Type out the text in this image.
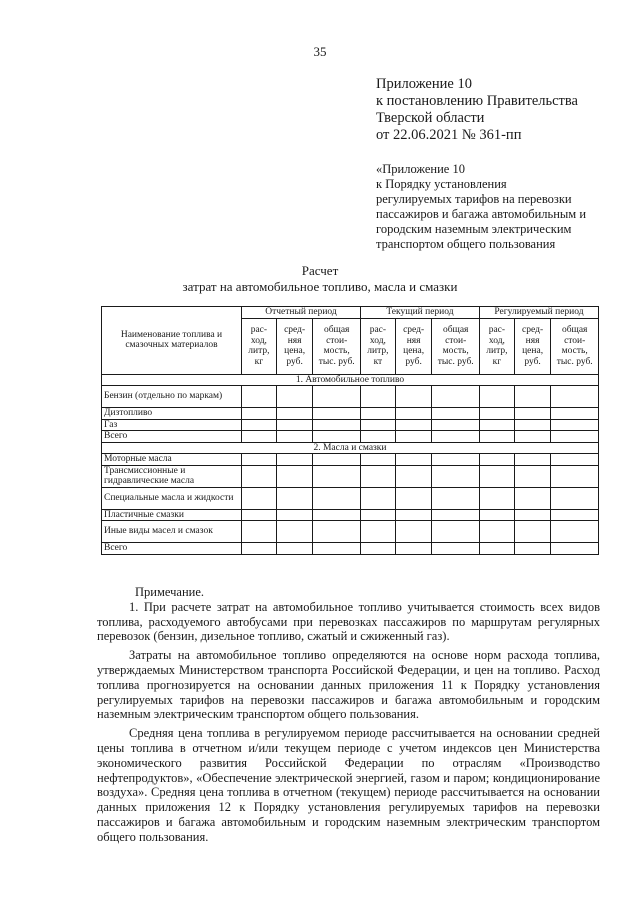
35
Приложение 10
к постановлению Правительства
Тверской области
от 22.06.2021 № 361-пп
«Приложение 10
к Порядку установления
регулируемых тарифов на перевозки
пассажиров и багажа автомобильным и
городским наземным электрическим
транспортом общего пользования
Расчет
затрат на автомобильное топливо, масла и смазки
Наименование топлива и смазочных материалов	Отчетный период			Текущий период			Регулируемый период		
	рас-ход, литр, кг	сред-няя цена, руб.	общая стои-мость, тыс. руб.	рас-ход, литр, кт	сред-няя цена, руб.	общая стои-мость, тыс. руб.	рас-ход, литр, кг	сред-няя цена, руб.	общая стои-мость, тыс. руб.
1. Автомобильное топливо									
Бензин (отдельно по маркам)									
Дизтопливо									
Газ									
Всего									
2. Масла и смазки									
Моторные масла									
Трансмиссионные и гидравлические масла									
Специальные масла и жидкости									
Пластичные смазки									
Иные виды масел и смазок									
Всего									

Примечание.

1. При расчете затрат на автомобильное топливо учитывается стоимость всех видов топлива, расходуемого автобусами при перевозках пассажиров по маршрутам регулярных перевозок (бензин, дизельное топливо, сжатый и сжиженный газ).

Затраты на автомобильное топливо определяются на основе норм расхода топлива, утверждаемых Министерством транспорта Российской Федерации, и цен на топливо. Расход топлива прогнозируется на основании данных приложения 11 к Порядку установления регулируемых тарифов на перевозки пассажиров и багажа автомобильным и городским наземным электрическим транспортом общего пользования.

Средняя цена топлива в регулируемом периоде рассчитывается на основании средней цены топлива в отчетном и/или текущем периоде с учетом индексов цен Министерства экономического развития Российской Федерации по отраслям «Производство нефтепродуктов», «Обеспечение электрической энергией, газом и паром; кондиционирование воздуха». Средняя цена топлива в отчетном (текущем) периоде рассчитывается на основании данных приложения 12 к Порядку установления регулируемых тарифов на перевозки пассажиров и багажа автомобильным и городским наземным электрическим транспортом общего пользования.
